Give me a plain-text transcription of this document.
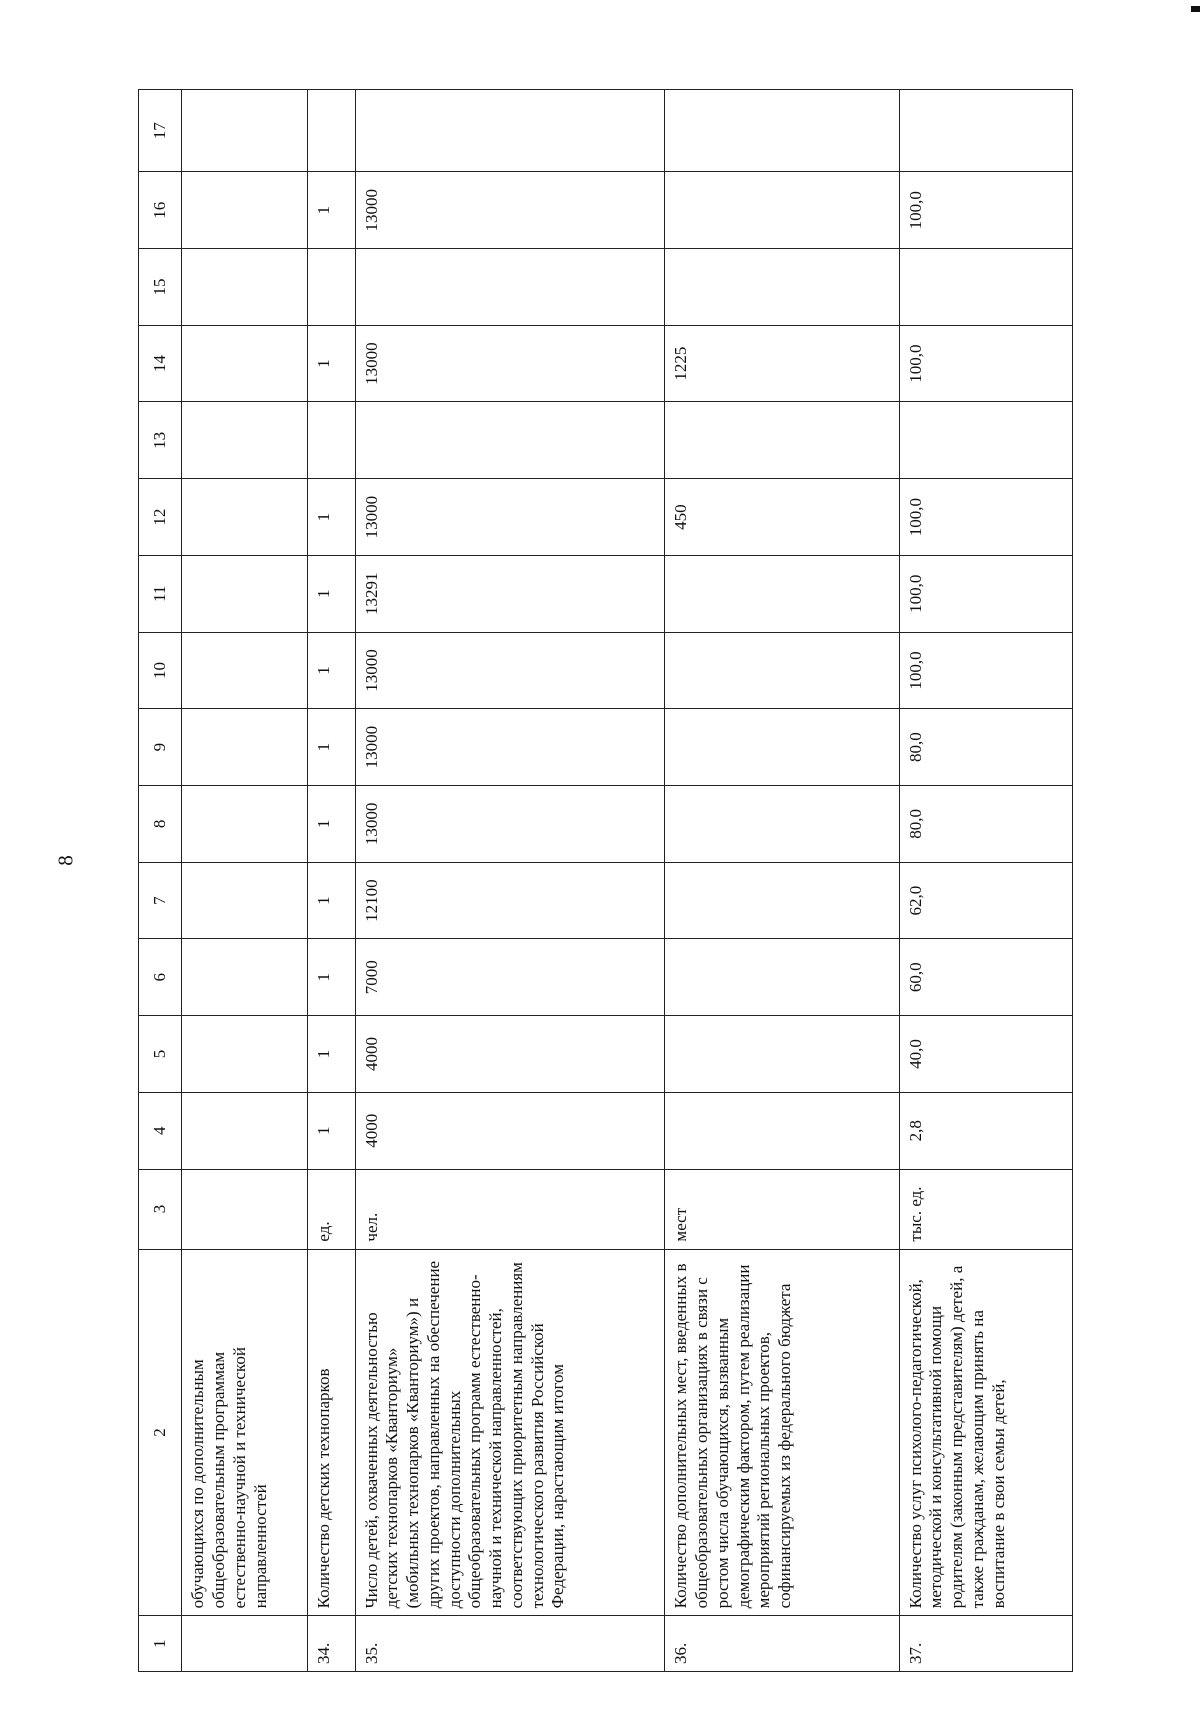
8
1	2	3	4	5	6	7	8	9	10	11	12	13	14	15	16	17
	обучающихся по дополнительным общеобразовательным программам естественно-научной и технической направленностей															
34.	Количество детских технопарков	ед.	1	1	1	1	1	1	1	1	1		1		1	
35.	Число детей, охваченных деятельностью детских технопарков «Кванториум» (мобильных технопарков «Кванториум») и других проектов, направленных на обеспечение доступности дополнительных общеобразовательных программ естественно-научной и технической направленностей, соответствующих приоритетным направлениям технологического развития Российской Федерации, нарастающим итогом	чел.	4000	4000	7000	12100	13000	13000	13000	13291	13000		13000		13000	
36.	Количество дополнительных мест, введенных в общеобразовательных организациях в связи с ростом числа обучающихся, вызванным демографическим фактором, путем реализации мероприятий региональных проектов, софинансируемых из федерального бюджета	мест									450		1225			
37.	Количество услуг психолого-педагогической, методической и консультативной помощи родителям (законным представителям) детей, а также гражданам, желающим принять на воспитание в свои семьи детей,	тыс. ед.	2,8	40,0	60,0	62,0	80,0	80,0	100,0	100,0	100,0		100,0		100,0	
